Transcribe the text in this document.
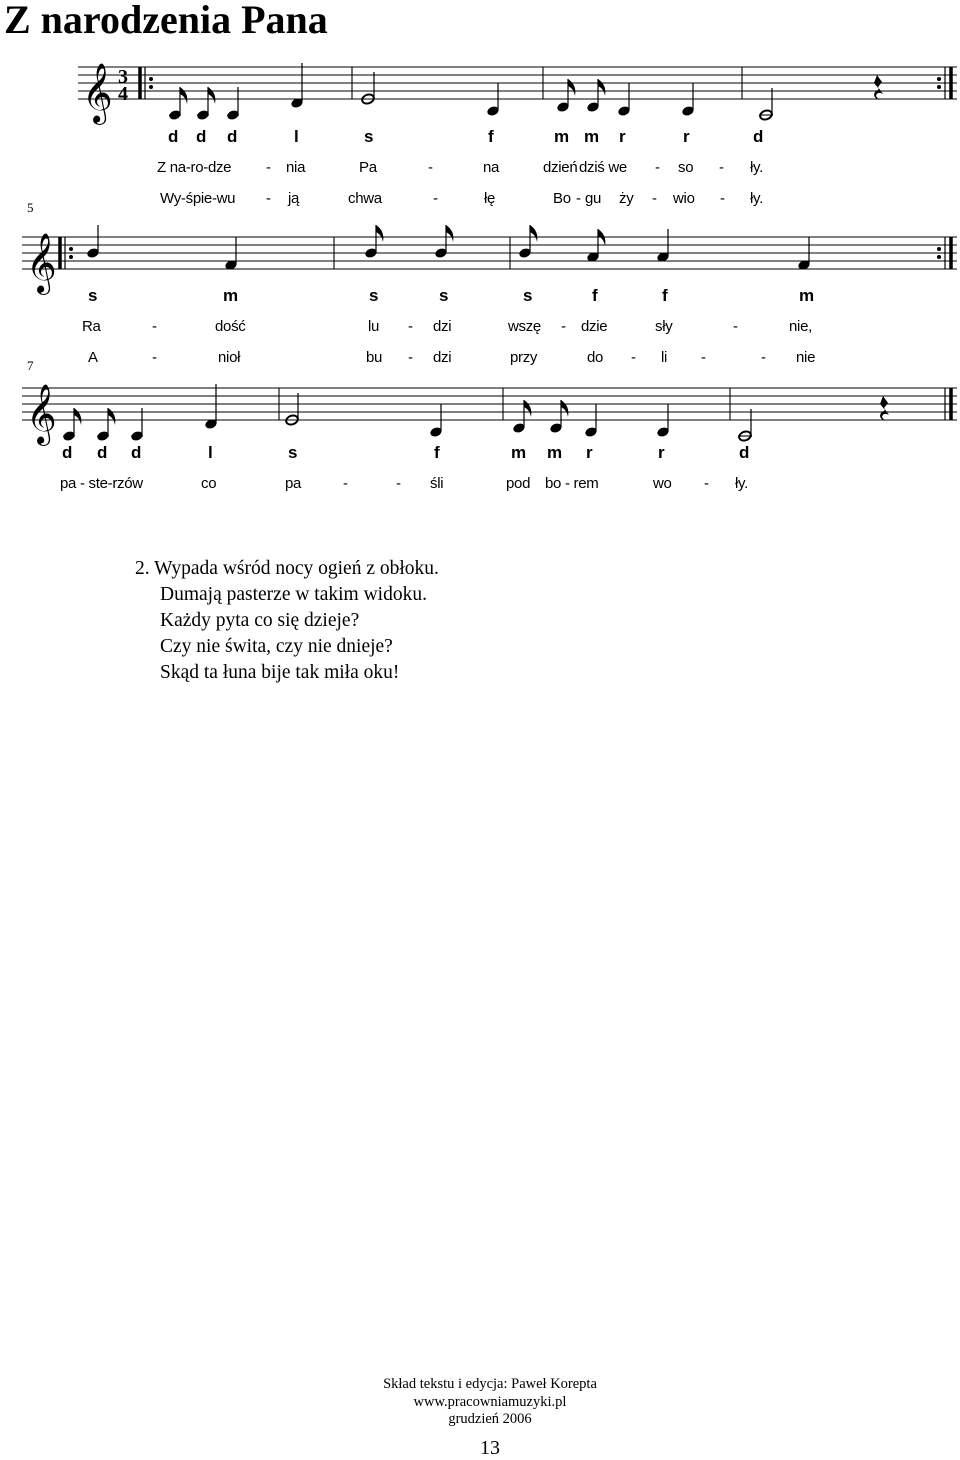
Z narodzenia Pana
𝄞 3
4
d d d	l	s	f	m m r	r	d
Z na-ro-dze - nia	Pa	-	na	dzień dziś we - so - ły.
Wy-śpie-wu - ją	chwa	-	łę	Bo - gu ży - wio - ły.
5
𝄞
s	m	s	s	s	f	f	m
Ra	-	dość	lu - dzi	wszę - dzie	sły	-	nie,
A	-	nioł	bu - dzi	przy	do - li -	- nie
7
𝄞
d d d	l	s	f	m m r	r	d
pa - ste-rzów	co	pa	-	- śli	pod bo - rem	wo - ły.
2. Wypada wśród nocy ogień z obłoku.
Dumają pasterze w takim widoku.
Każdy pyta co się dzieje?
Czy nie świta, czy nie dnieje?
Skąd ta łuna bije tak miła oku!
Skład tekstu i edycja: Paweł Korepta
www.pracowniamuzyki.pl
grudzień 2006
13
